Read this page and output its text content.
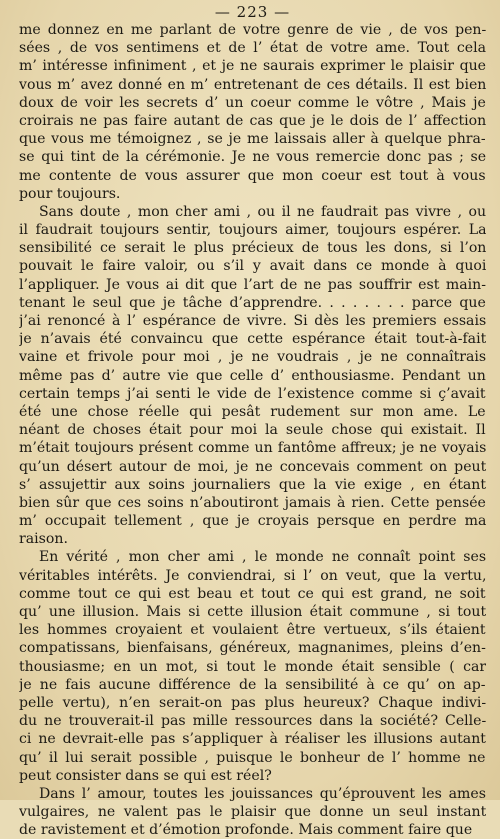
— 223 —
me donnez en me parlant de votre genre de vie , de vos pen-
sées , de vos sentimens et de l’ état de votre ame. Tout cela
m’ intéresse infiniment , et je ne saurais exprimer le plaisir que
vous m’ avez donné en m’ entretenant de ces détails. Il est bien
doux de voir les secrets d’ un coeur comme le vôtre , Mais je
croirais ne pas faire autant de cas que je le dois de l’ affection
que vous me témoignez , se je me laissais aller à quelque phra-
se qui tint de la cérémonie. Je ne vous remercie donc pas ; se
me contente de vous assurer que mon coeur est tout à vous
pour toujours.
Sans doute , mon cher ami , ou il ne faudrait pas vivre , ou
il faudrait toujours sentir, toujours aimer, toujours espérer. La
sensibilité ce serait le plus précieux de tous les dons, si l’on
pouvait le faire valoir, ou s’il y avait dans ce monde à quoi
l’appliquer. Je vous ai dit que l’art de ne pas souffrir est main-
tenant le seul que je tâche d’apprendre. . . . . . . . parce que
j’ai renoncé à l’ espérance de vivre. Si dès les premiers essais
je n’avais été convaincu que cette espérance était tout-à-fait
vaine et frivole pour moi , je ne voudrais , je ne connaîtrais
même pas d’ autre vie que celle d’ enthousiasme. Pendant un
certain temps j’ai senti le vide de l’existence comme si ç’avait
été une chose réelle qui pesât rudement sur mon ame. Le
néant de choses était pour moi la seule chose qui existait. Il
m’était toujours présent comme un fantôme affreux; je ne voyais
qu’un désert autour de moi, je ne concevais comment on peut
s’ assujettir aux soins journaliers que la vie exige , en étant
bien sûr que ces soins n’aboutiront jamais à rien. Cette pensée
m’ occupait tellement , que je croyais persque en perdre ma
raison.
En vérité , mon cher ami , le monde ne connaît point ses
véritables intérêts. Je conviendrai, si l’ on veut, que la vertu,
comme tout ce qui est beau et tout ce qui est grand, ne soit
qu’ une illusion. Mais si cette illusion était commune , si tout
les hommes croyaient et voulaient être vertueux, s’ils étaient
compatissans, bienfaisans, généreux, magnanimes, pleins d’en-
thousiasme; en un mot, si tout le monde était sensible ( car
je ne fais aucune différence de la sensibilité à ce qu’ on ap-
pelle vertu), n’en serait-on pas plus heureux? Chaque indivi-
du ne trouverait-il pas mille ressources dans la société? Celle-
ci ne devrait-elle pas s’appliquer à réaliser les illusions autant
qu’ il lui serait possible , puisque le bonheur de l’ homme ne
peut consister dans se qui est réel?
Dans l’ amour, toutes les jouissances qu’éprouvent les ames
vulgaires, ne valent pas le plaisir que donne un seul instant
de ravistement et d’émotion profonde. Mais comment faire que
